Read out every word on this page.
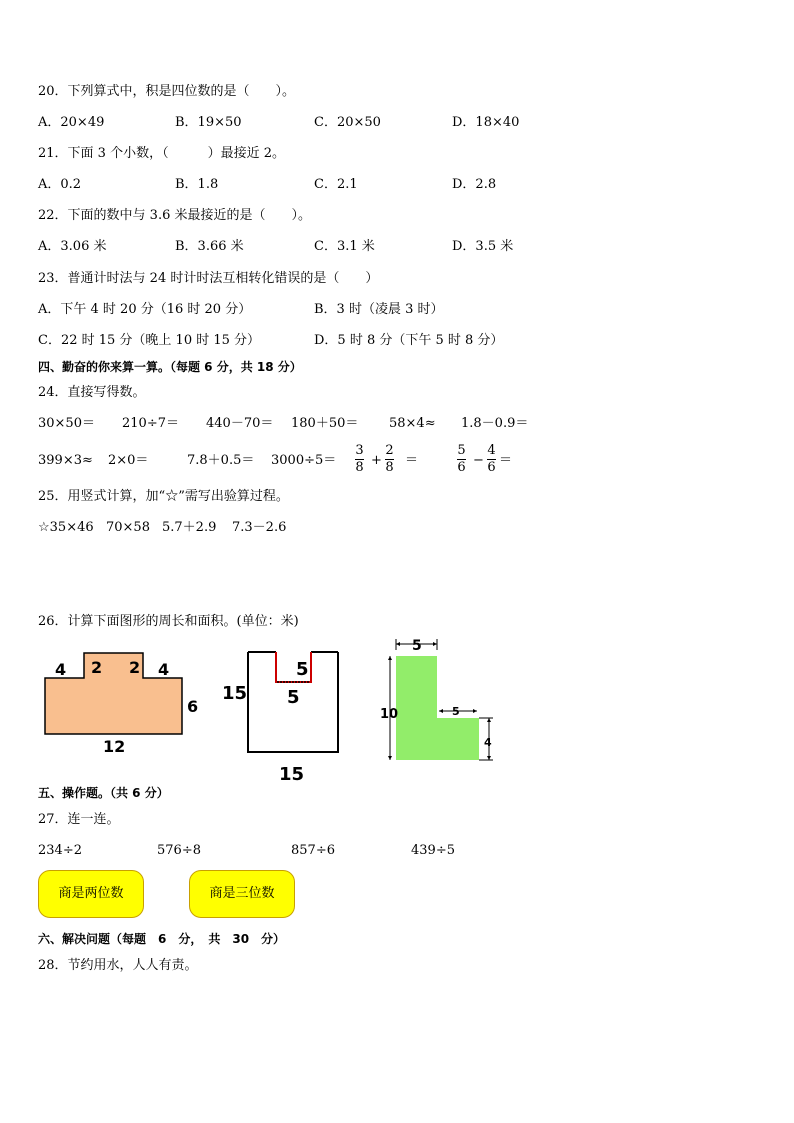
20．下列算式中，积是四位数的是（　　）。
A．20×49	B．19×50	C．20×50	D．18×40
21．下面 3 个小数，（　　　）最接近 2。
A．0.2	B．1.8	C．2.1	D．2.8
22．下面的数中与 3.6 米最接近的是（　　）。
A．3.06 米	B．3.66 米	C．3.1 米	D．3.5 米
23．普通计时法与 24 时计时法互相转化错误的是（　　）
A．下午 4 时 20 分（16 时 20 分）	B．3 时（凌晨 3 时）
C．22 时 15 分（晚上 10 时 15 分）	D．5 时 8 分（下午 5 时 8 分）
四、勤奋的你来算一算。（每题 6 分，共 18 分）
24．直接写得数。
30×50＝ 210÷7＝ 440－70＝ 180＋50＝ 58×4≈ 1.8－0.9＝
399×3≈ 2×0＝	7.8＋0.5＝ 3000÷5＝
3
8 +
2
8 ＝
5
6 −
4
6 ＝
25．用竖式计算，加“☆”需写出验算过程。
☆35×46 70×58 5.7＋2.9 7.3－2.6
26．计算下面图形的周长和面积。(单位：米)
4 2 2 4
6
12
5
5
15
15
5
10	5
4
五、操作题。（共 6 分）
27．连一连。
234÷2	576÷8	857÷6	439÷5
商是两位数	商是三位数
六、解决问题（每题　6　分，　共　30　分）
28．节约用水，人人有责。
